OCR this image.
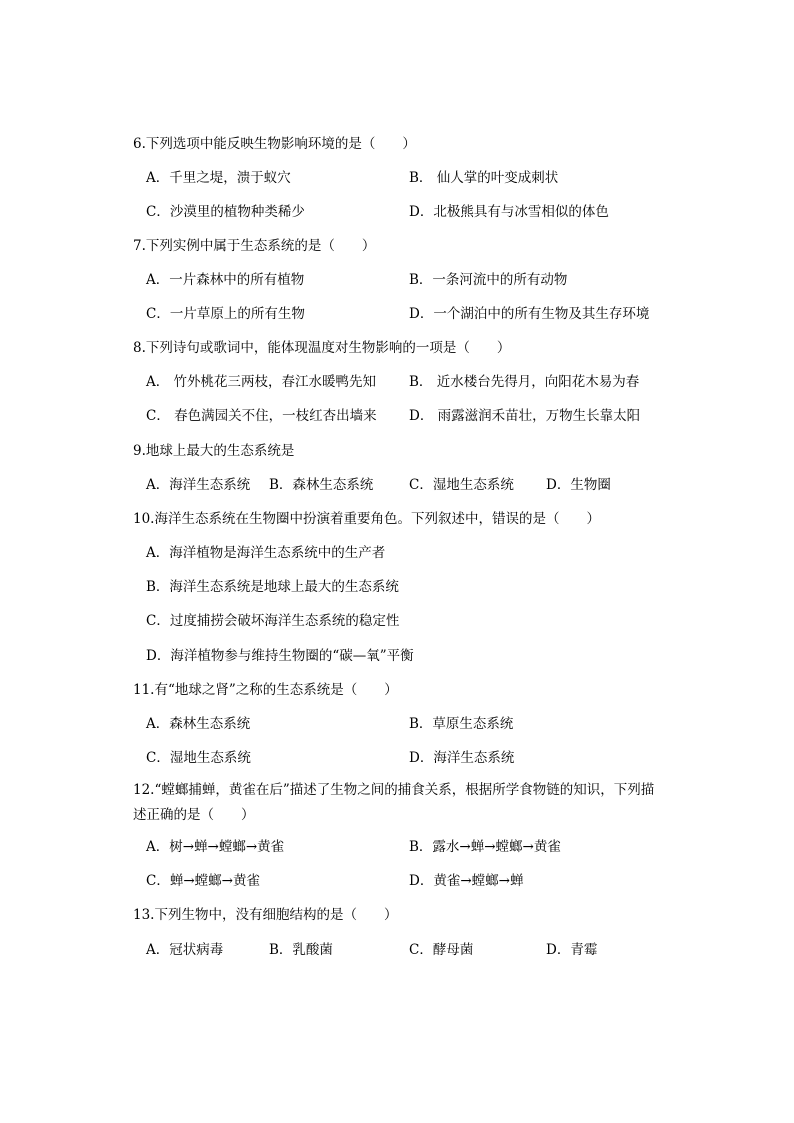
6.下列选项中能反映生物影响环境的是（　　）
A．千里之堤，溃于蚁穴	B． 仙人掌的叶变成刺状
C．沙漠里的植物种类稀少	D．北极熊具有与冰雪相似的体色
7.下列实例中属于生态系统的是（　　）
A．一片森林中的所有植物	B．一条河流中的所有动物
C．一片草原上的所有生物	D．一个湖泊中的所有生物及其生存环境
8.下列诗句或歌词中，能体现温度对生物影响的一项是（　　）
A． 竹外桃花三两枝，春江水暖鸭先知 B． 近水楼台先得月，向阳花木易为春
C． 春色满园关不住，一枝红杏出墙来 D． 雨露滋润禾苗壮，万物生长靠太阳
9.地球上最大的生态系统是
A．海洋生态系统 B．森林生态系统	C．湿地生态系统 D．生物圈
10.海洋生态系统在生物圈中扮演着重要角色。下列叙述中，错误的是（　　）
A．海洋植物是海洋生态系统中的生产者
B．海洋生态系统是地球上最大的生态系统
C．过度捕捞会破坏海洋生态系统的稳定性
D．海洋植物参与维持生物圈的“碳—氧”平衡
11.有“地球之肾”之称的生态系统是（　　）
A．森林生态系统	B．草原生态系统
C．湿地生态系统	D．海洋生态系统
12.“螳螂捕蝉，黄雀在后”描述了生物之间的捕食关系，根据所学食物链的知识，下列描述正确的是（　　）
A．树→蝉→螳螂→黄雀	B．露水→蝉→螳螂→黄雀
C．蝉→螳螂→黄雀	D．黄雀→螳螂→蝉
13.下列生物中，没有细胞结构的是（　　）
A．冠状病毒	B．乳酸菌	C．酵母菌	D．青霉
